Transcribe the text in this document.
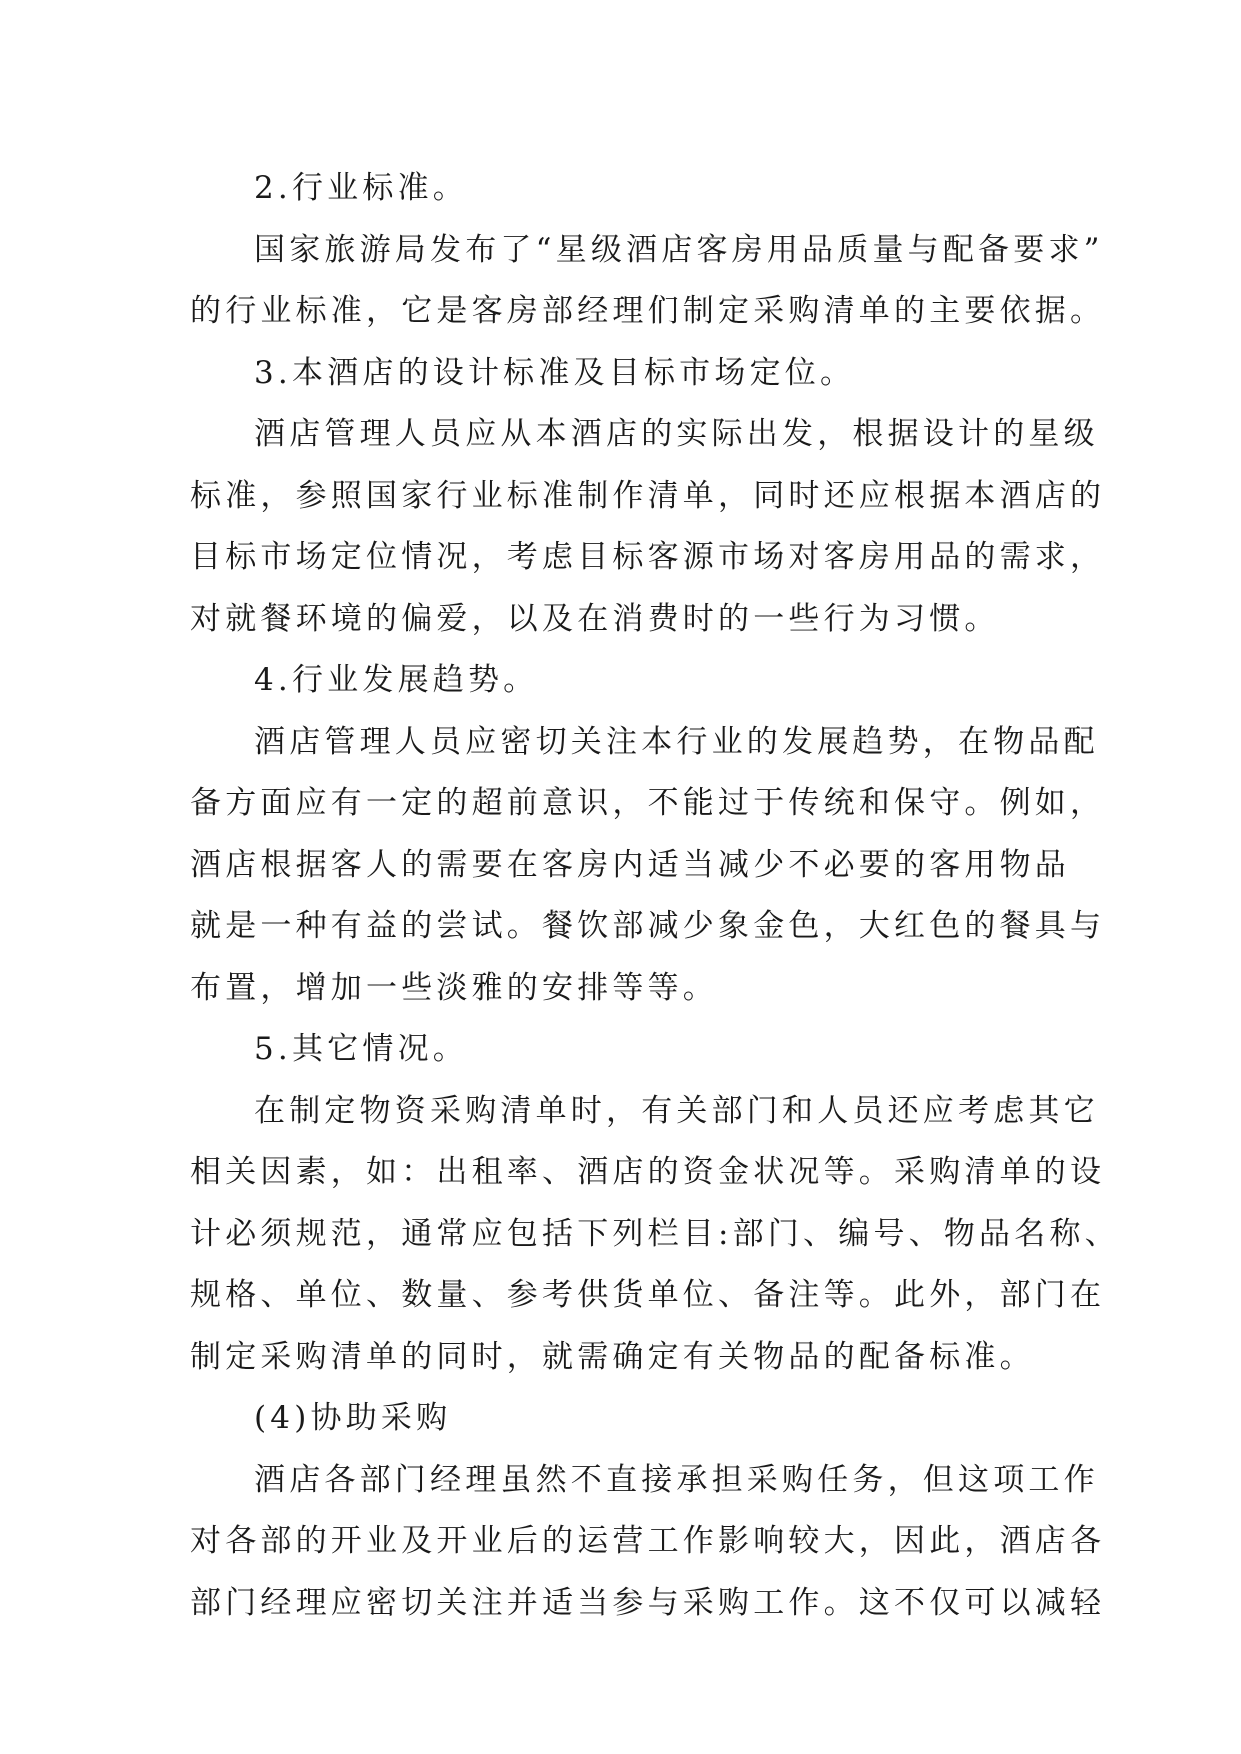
2.行业标准。
国家旅游局发布了“星级酒店客房用品质量与配备要求”
的行业标准，它是客房部经理们制定采购清单的主要依据。
3.本酒店的设计标准及目标市场定位。
酒店管理人员应从本酒店的实际出发，根据设计的星级
标准，参照国家行业标准制作清单，同时还应根据本酒店的
目标市场定位情况，考虑目标客源市场对客房用品的需求，
对就餐环境的偏爱，以及在消费时的一些行为习惯。
4.行业发展趋势。
酒店管理人员应密切关注本行业的发展趋势，在物品配
备方面应有一定的超前意识，不能过于传统和保守。例如，
酒店根据客人的需要在客房内适当减少不必要的客用物品
就是一种有益的尝试。餐饮部减少象金色，大红色的餐具与
布置，增加一些淡雅的安排等等。
5.其它情况。
在制定物资采购清单时，有关部门和人员还应考虑其它
相关因素，如：出租率、酒店的资金状况等。采购清单的设
计必须规范，通常应包括下列栏目:部门、编号、物品名称、
规格、单位、数量、参考供货单位、备注等。此外，部门在
制定采购清单的同时，就需确定有关物品的配备标准。
(4)协助采购
酒店各部门经理虽然不直接承担采购任务，但这项工作
对各部的开业及开业后的运营工作影响较大，因此，酒店各
部门经理应密切关注并适当参与采购工作。这不仅可以减轻
